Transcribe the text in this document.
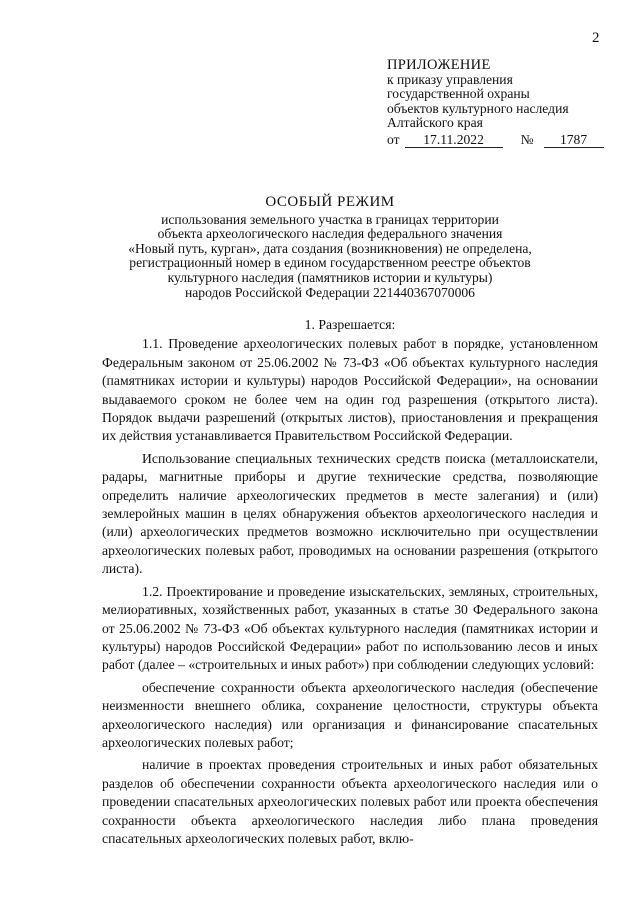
2
ПРИЛОЖЕНИЕ
к приказу управления
государственной охраны
объектов культурного наследия
Алтайского края
от	17.11.2022	№	1787
ОСОБЫЙ РЕЖИМ
использования земельного участка в границах территории
объекта археологического наследия федерального значения
«Новый путь, курган», дата создания (возникновения) не определена,
регистрационный номер в едином государственном реестре объектов
культурного наследия (памятников истории и культуры)
народов Российской Федерации 221440367070006
1. Разрешается:

1.1. Проведение археологических полевых работ в порядке, установленном Федеральным законом от 25.06.2002 № 73-ФЗ «Об объектах культурного наследия (памятниках истории и культуры) народов Российской Федерации», на основании выдаваемого сроком не более чем на один год разрешения (открытого листа). Порядок выдачи разрешений (открытых листов), приостановления и прекращения их действия устанавливается Правительством Российской Федерации.

Использование специальных технических средств поиска (металлоискатели, радары, магнитные приборы и другие технические средства, позволяющие определить наличие археологических предметов в месте залегания) и (или) землеройных машин в целях обнаружения объектов археологического наследия и (или) археологических предметов возможно исключительно при осуществлении археологических полевых работ, проводимых на основании разрешения (открытого листа).

1.2. Проектирование и проведение изыскательских, земляных, строительных, мелиоративных, хозяйственных работ, указанных в статье 30 Федерального закона от 25.06.2002 № 73-ФЗ «Об объектах культурного наследия (памятниках истории и культуры) народов Российской Федерации» работ по использованию лесов и иных работ (далее – «строительных и иных работ») при соблюдении следующих условий:

обеспечение сохранности объекта археологического наследия (обеспечение неизменности внешнего облика, сохранение целостности, структуры объекта археологического наследия) или организация и финансирование спасательных археологических полевых работ;

наличие в проектах проведения строительных и иных работ обязательных разделов об обеспечении сохранности объекта археологического наследия или о проведении спасательных археологических полевых работ или проекта обеспечения сохранности объекта археологического наследия либо плана проведения спасательных археологических полевых работ, вклю-
